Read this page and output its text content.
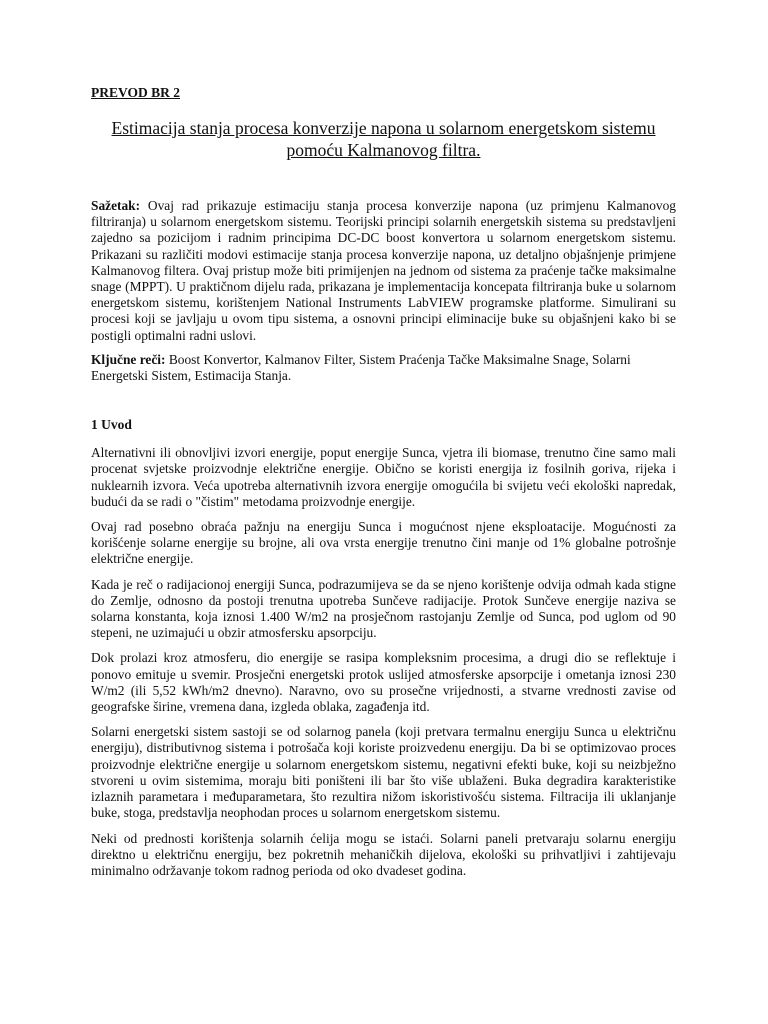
PREVOD BR 2

Estimacija stanja procesa konverzije napona u solarnom energetskom sistemu
pomoću Kalmanovog filtra.

Sažetak: Ovaj rad prikazuje estimaciju stanja procesa konverzije napona (uz primjenu Kalmanovog filtriranja) u solarnom energetskom sistemu. Teorijski principi solarnih energetskih sistema su predstavljeni zajedno sa pozicijom i radnim principima DC-DC boost konvertora u solarnom energetskom sistemu. Prikazani su različiti modovi estimacije stanja procesa konverzije napona, uz detaljno objašnjenje primjene Kalmanovog filtera. Ovaj pristup može biti primijenjen na jednom od sistema za praćenje tačke maksimalne snage (MPPT). U praktičnom dijelu rada, prikazana je implementacija koncepata filtriranja buke u solarnom energetskom sistemu, korištenjem National Instruments LabVIEW programske platforme. Simulirani su procesi koji se javljaju u ovom tipu sistema, a osnovni principi eliminacije buke su objašnjeni kako bi se postigli optimalni radni uslovi.

Ključne reči: Boost Konvertor, Kalmanov Filter, Sistem Praćenja Tačke Maksimalne Snage, Solarni Energetski Sistem, Estimacija Stanja.

1 Uvod

Alternativni ili obnovljivi izvori energije, poput energije Sunca, vjetra ili biomase, trenutno čine samo mali procenat svjetske proizvodnje električne energije. Obično se koristi energija iz fosilnih goriva, rijeka i nuklearnih izvora. Veća upotreba alternativnih izvora energije omogućila bi svijetu veći ekološki napredak, budući da se radi o "čistim" metodama proizvodnje energije.

Ovaj rad posebno obraća pažnju na energiju Sunca i mogućnost njene eksploatacije. Mogućnosti za korišćenje solarne energije su brojne, ali ova vrsta energije trenutno čini manje od 1% globalne potrošnje električne energije.

Kada je reč o radijacionoj energiji Sunca, podrazumijeva se da se njeno korištenje odvija odmah kada stigne do Zemlje, odnosno da postoji trenutna upotreba Sunčeve radijacije. Protok Sunčeve energije naziva se solarna konstanta, koja iznosi 1.400 W/m2 na prosječnom rastojanju Zemlje od Sunca, pod uglom od 90 stepeni, ne uzimajući u obzir atmosfersku apsorpciju.

Dok prolazi kroz atmosferu, dio energije se rasipa kompleksnim procesima, a drugi dio se reflektuje i ponovo emituje u svemir. Prosječni energetski protok uslijed atmosferske apsorpcije i ometanja iznosi 230 W/m2 (ili 5,52 kWh/m2 dnevno). Naravno, ovo su prosečne vrijednosti, a stvarne vrednosti zavise od geografske širine, vremena dana, izgleda oblaka, zagađenja itd.

Solarni energetski sistem sastoji se od solarnog panela (koji pretvara termalnu energiju Sunca u električnu energiju), distributivnog sistema i potrošača koji koriste proizvedenu energiju. Da bi se optimizovao proces proizvodnje električne energije u solarnom energetskom sistemu, negativni efekti buke, koji su neizbježno stvoreni u ovim sistemima, moraju biti poništeni ili bar što više ublaženi. Buka degradira karakteristike izlaznih parametara i međuparametara, što rezultira nižom iskoristivošću sistema. Filtracija ili uklanjanje buke, stoga, predstavlja neophodan proces u solarnom energetskom sistemu.

Neki od prednosti korištenja solarnih ćelija mogu se istaći. Solarni paneli pretvaraju solarnu energiju direktno u električnu energiju, bez pokretnih mehaničkih dijelova, ekološki su prihvatljivi i zahtijevaju minimalno održavanje tokom radnog perioda od oko dvadeset godina.
